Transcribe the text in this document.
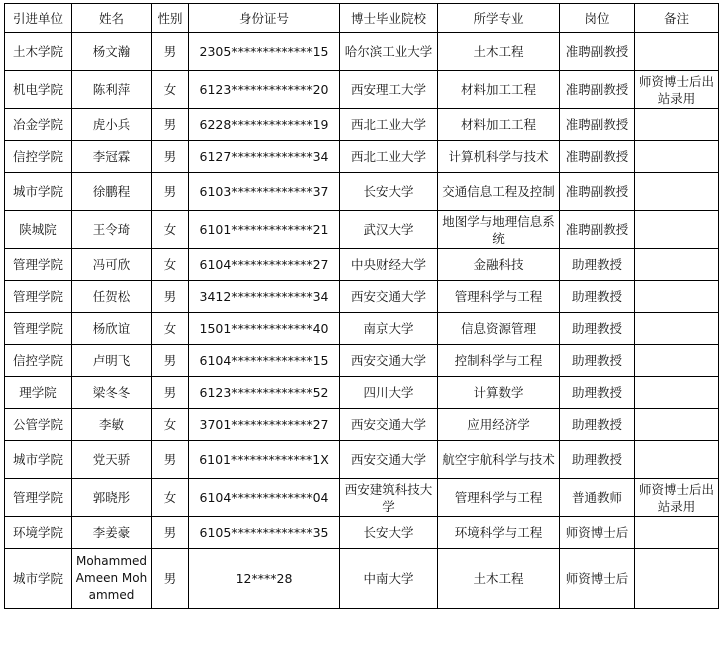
引进单位	姓名	性别	身份证号	博士毕业院校	所学专业	岗位	备注
土木学院	杨文瀚	男	2305*************15	哈尔滨工业大学	土木工程	准聘副教授	
机电学院	陈利萍	女	6123*************20	西安理工大学	材料加工工程	准聘副教授	师资博士后出站录用
冶金学院	虎小兵	男	6228*************19	西北工业大学	材料加工工程	准聘副教授	
信控学院	李冠霖	男	6127*************34	西北工业大学	计算机科学与技术	准聘副教授	
城市学院	徐鹏程	男	6103*************37	长安大学	交通信息工程及控制	准聘副教授	
陕城院	王令琦	女	6101*************21	武汉大学	地图学与地理信息系统	准聘副教授	
管理学院	冯可欣	女	6104*************27	中央财经大学	金融科技	助理教授	
管理学院	任贺松	男	3412*************34	西安交通大学	管理科学与工程	助理教授	
管理学院	杨欣谊	女	1501*************40	南京大学	信息资源管理	助理教授	
信控学院	卢明飞	男	6104*************15	西安交通大学	控制科学与工程	助理教授	
理学院	梁冬冬	男	6123*************52	四川大学	计算数学	助理教授	
公管学院	李敏	女	3701*************27	西安交通大学	应用经济学	助理教授	
城市学院	党天骄	男	6101*************1X	西安交通大学	航空宇航科学与技术	助理教授	
管理学院	郭晓彤	女	6104*************04	西安建筑科技大学	管理科学与工程	普通教师	师资博士后出站录用
环境学院	李姜豪	男	6105*************35	长安大学	环境科学与工程	师资博士后	
城市学院	Mohammed Ameen Mohammed	男	12****28	中南大学	土木工程	师资博士后	
